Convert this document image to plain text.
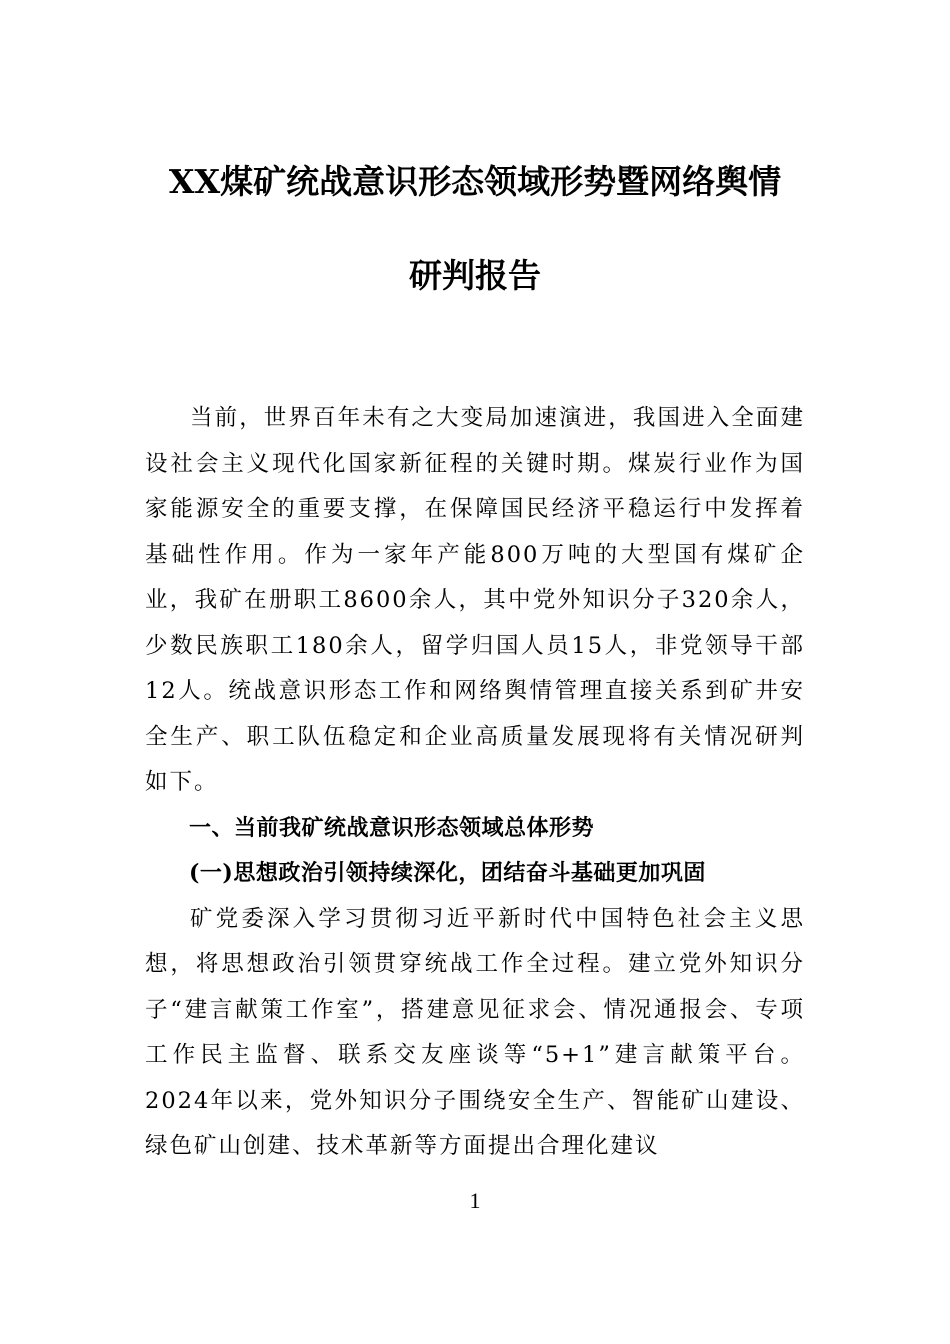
XX煤矿统战意识形态领域形势暨网络舆情

研判报告

当前，世界百年未有之大变局加速演进，我国进入全面建设社会主义现代化国家新征程的关键时期。煤炭行业作为国家能源安全的重要支撑，在保障国民经济平稳运行中发挥着基础性作用。作为一家年产能800万吨的大型国有煤矿企业，我矿在册职工8600余人，其中党外知识分子320余人，少数民族职工180余人，留学归国人员15人，非党领导干部12人。统战意识形态工作和网络舆情管理直接关系到矿井安全生产、职工队伍稳定和企业高质量发展现将有关情况研判如下。

一、当前我矿统战意识形态领域总体形势

(一)思想政治引领持续深化，团结奋斗基础更加巩固

矿党委深入学习贯彻习近平新时代中国特色社会主义思想，将思想政治引领贯穿统战工作全过程。建立党外知识分子“建言献策工作室”，搭建意见征求会、情况通报会、专项工作民主监督、联系交友座谈等“5+1”建言献策平台。2024年以来，党外知识分子围绕安全生产、智能矿山建设、绿色矿山创建、技术革新等方面提出合理化建议

1
